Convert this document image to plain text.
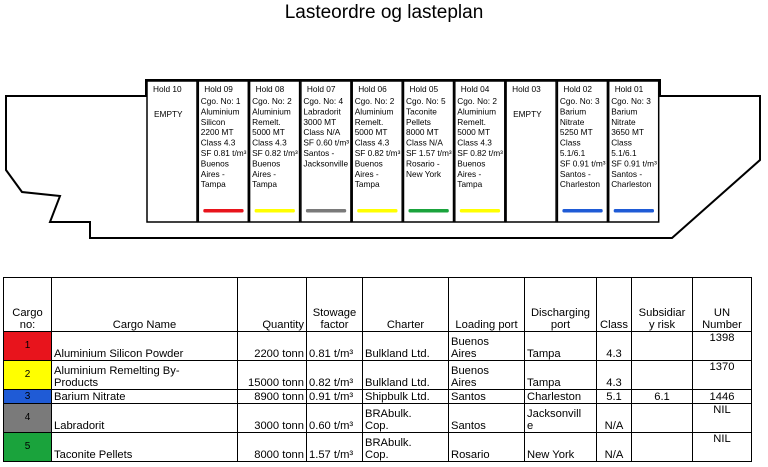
Lasteordre og lasteplan
Hold 10
EMPTY
Hold 09
Cgo. No: 1
Aluminium
Silicon
2200 MT
Class 4.3
SF 0.81 t/m³
Buenos
Aires -
Tampa
Hold 08
Cgo. No: 2
Aluminium
Remelt.
5000 MT
Class 4.3
SF 0.82 t/m³
Buenos
Aires -
Tampa
Hold 07
Cgo. No: 4
Labradorit
3000 MT
Class N/A
SF 0.60 t/m³
Santos -
Jacksonville
Hold 06
Cgo. No: 2
Aluminium
Remelt.
5000 MT
Class 4.3
SF 0.82 t/m³
Buenos
Aires -
Tampa
Hold 05
Cgo. No: 5
Taconite
Pellets
8000 MT
Class N/A
SF 1.57 t/m³
Rosario -
New York
Hold 04
Cgo. No: 2
Aluminium
Remelt.
5000 MT
Class 4.3
SF 0.82 t/m³
Buenos
Aires -
Tampa
Hold 03
EMPTY
Hold 02
Cgo. No: 3
Barium
Nitrate
5250 MT
Class
5.1/6.1
SF 0.91 t/m³
Santos -
Charleston
Hold 01
Cgo. No: 3
Barium
Nitrate
3650 MT
Class
5.1/6.1
SF 0.91 t/m³
Santos -
Charleston
Cargo
no:	Cargo Name	Quantity	Stowage
factor	Charter	Loading port	Discharging
port	Class	Subsidiar
y risk	UN
Number
1	Aluminium Silicon Powder	2200 tonn	0.81 t/m³	Bulkland Ltd.	Buenos
Aires	Tampa	4.3		1398
2	Aluminium Remelting By-
Products	15000 tonn	0.82 t/m³	Bulkland Ltd.	Buenos
Aires	Tampa	4.3		1370
3	Barium Nitrate	8900 tonn	0.91 t/m³	Shipbulk Ltd.	Santos	Charleston	5.1	6.1	1446
4	Labradorit	3000 tonn	0.60 t/m³	BRAbulk.
Cop.	Santos	Jacksonvill
e	N/A		NIL
5	Taconite Pellets	8000 tonn	1.57 t/m³	BRAbulk.
Cop.	Rosario	New York	N/A		NIL
